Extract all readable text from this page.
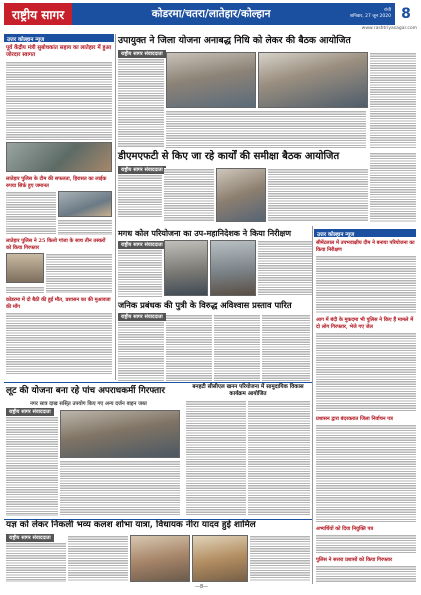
राष्ट्रीय सागर	कोडरमा/चतरा/लातेहार/कोल्हान	रांची
शनिवार, 27 जून 2020 8
www.rashtriyasagar.com
उत्तर कोल्हान न्यूज
पूर्व केंद्रीय मंत्री सुबोधकांत सहाय का लातेहार में हुआ जोरदार स्वागत
लातेहार पुलिस के टीम की सफलता, हिरासत का लाईक रुपया सिर्फ़ हुए जमानत
लातेहार पुलिस ने 25 किलो गांजा के साथ तीन तस्करों को किया गिरफ्तार
कोडरमा में दो बैठी की हुई मौत, प्रशासन का की मुआवजा की माँग
उपायुक्त ने जिला योजना अनाबद्ध निधि को लेकर की बैठक आयोजित
राष्ट्रीय सागर संवाददाता
डीएमएफटी से किए जा रहे कार्यों की समीक्षा बैठक आयोजित
राष्ट्रीय सागर संवाददाता
मगध कोल परियोजना का उप-महानिदेशक ने किया निरीक्षण
राष्ट्रीय सागर संवाददाता
जनिक प्रबंधक की पुत्री के विरुद्ध अविश्वास प्रस्ताव पारित
राष्ट्रीय सागर संवाददाता
उत्तर कोल्हान न्यूज
सीमेंटलाल में उपभवाक्षीय दीम ने बनाया परियोजना का किया निरीक्षण
आग में बंदी के मुकदमा भी पुलिस ने किए हैं मामले में दो लोग गिरफ्तार, भेजे गए जेल
प्रशासन द्वारा बंदरकरात जिला निर्वाचन पत्र
अभ्यर्थियों को दिया नियुक्ति पत्र
पुलिस ने सत्तरा प्रशासों को किया गिरफ्तार
लूट की योजना बना रहे पांच अपराधकर्मी गिरफ्तार
नगर सात्र दाख ससि्त उपयोग किए गए अन्य दर्जन वाहन जब्त
राष्ट्रीय सागर संवाददाता
बनहटी सीसीएल खनन परियोजना में सामुदायिक विकास कार्यक्रम आयोजित
यज्ञ को लेकर निकली भव्य कलश शोभा यात्रा, विधायक नीरा यादव हुई शामिल
राष्ट्रीय सागर संवाददाता
—8—
